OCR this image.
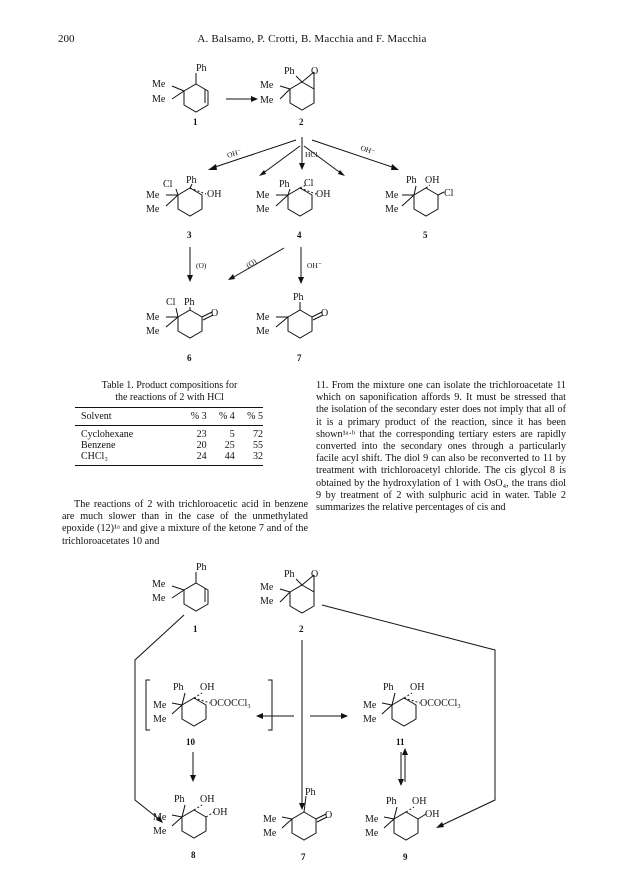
200	A. Balsamo, P. Crotti, B. Macchia and F. Macchia
Ph
Me
Me
1
O
Ph
Me
Me
2
OH⁻	HCl	OH⁻
Cl Ph
OH
Me
Me
3
Ph Cl
OH
Me
Me
4
Ph OH
Cl
Me
Me
5
(O)	(O)	OH⁻
O
Cl Ph
Me
Me
6
O
Ph
Me
Me
7
Table 1. Product compositions for
the reactions of 2 with HCl
Solvent	% 3	% 4	% 5
Cyclohexane	23	5	72
Benzene	20	25	55
CHCl₃	24	44	32
The reactions of 2 with trichloroacetic acid in benzene are much slower than in the case of the unmethylated epoxide (12)¹ᵃ and give a mixture of the ketone 7 and of the trichloroacetates 10 and
11. From the mixture one can isolate the trichloroacetate 11 which on saponification affords 9. It must be stressed that the isolation of the secondary ester does not imply that all of it is a primary product of the reaction, since it has been shown¹ᵃ·ᵇ that the corresponding tertiary esters are rapidly converted into the secondary ones through a particularly facile acyl shift. The diol 9 can also be reconverted to 11 by treatment with trichloroacetyl chloride. The cis glycol 8 is obtained by the hydroxylation of 1 with OsO₄, the trans diol 9 by treatment of 2 with sulphuric acid in water. Table 2 summarizes the relative percentages of cis and
Ph
Me
Me
1
O
Ph
Me
Me
2
Ph OH
OCOCCl₃
Me
Me
10
Ph OH
OCOCCl₃
Me
Me
11
Ph OH
OH
Me
Me
8
O
Ph
Me
Me
7
Ph OH
OH
Me
Me
9
